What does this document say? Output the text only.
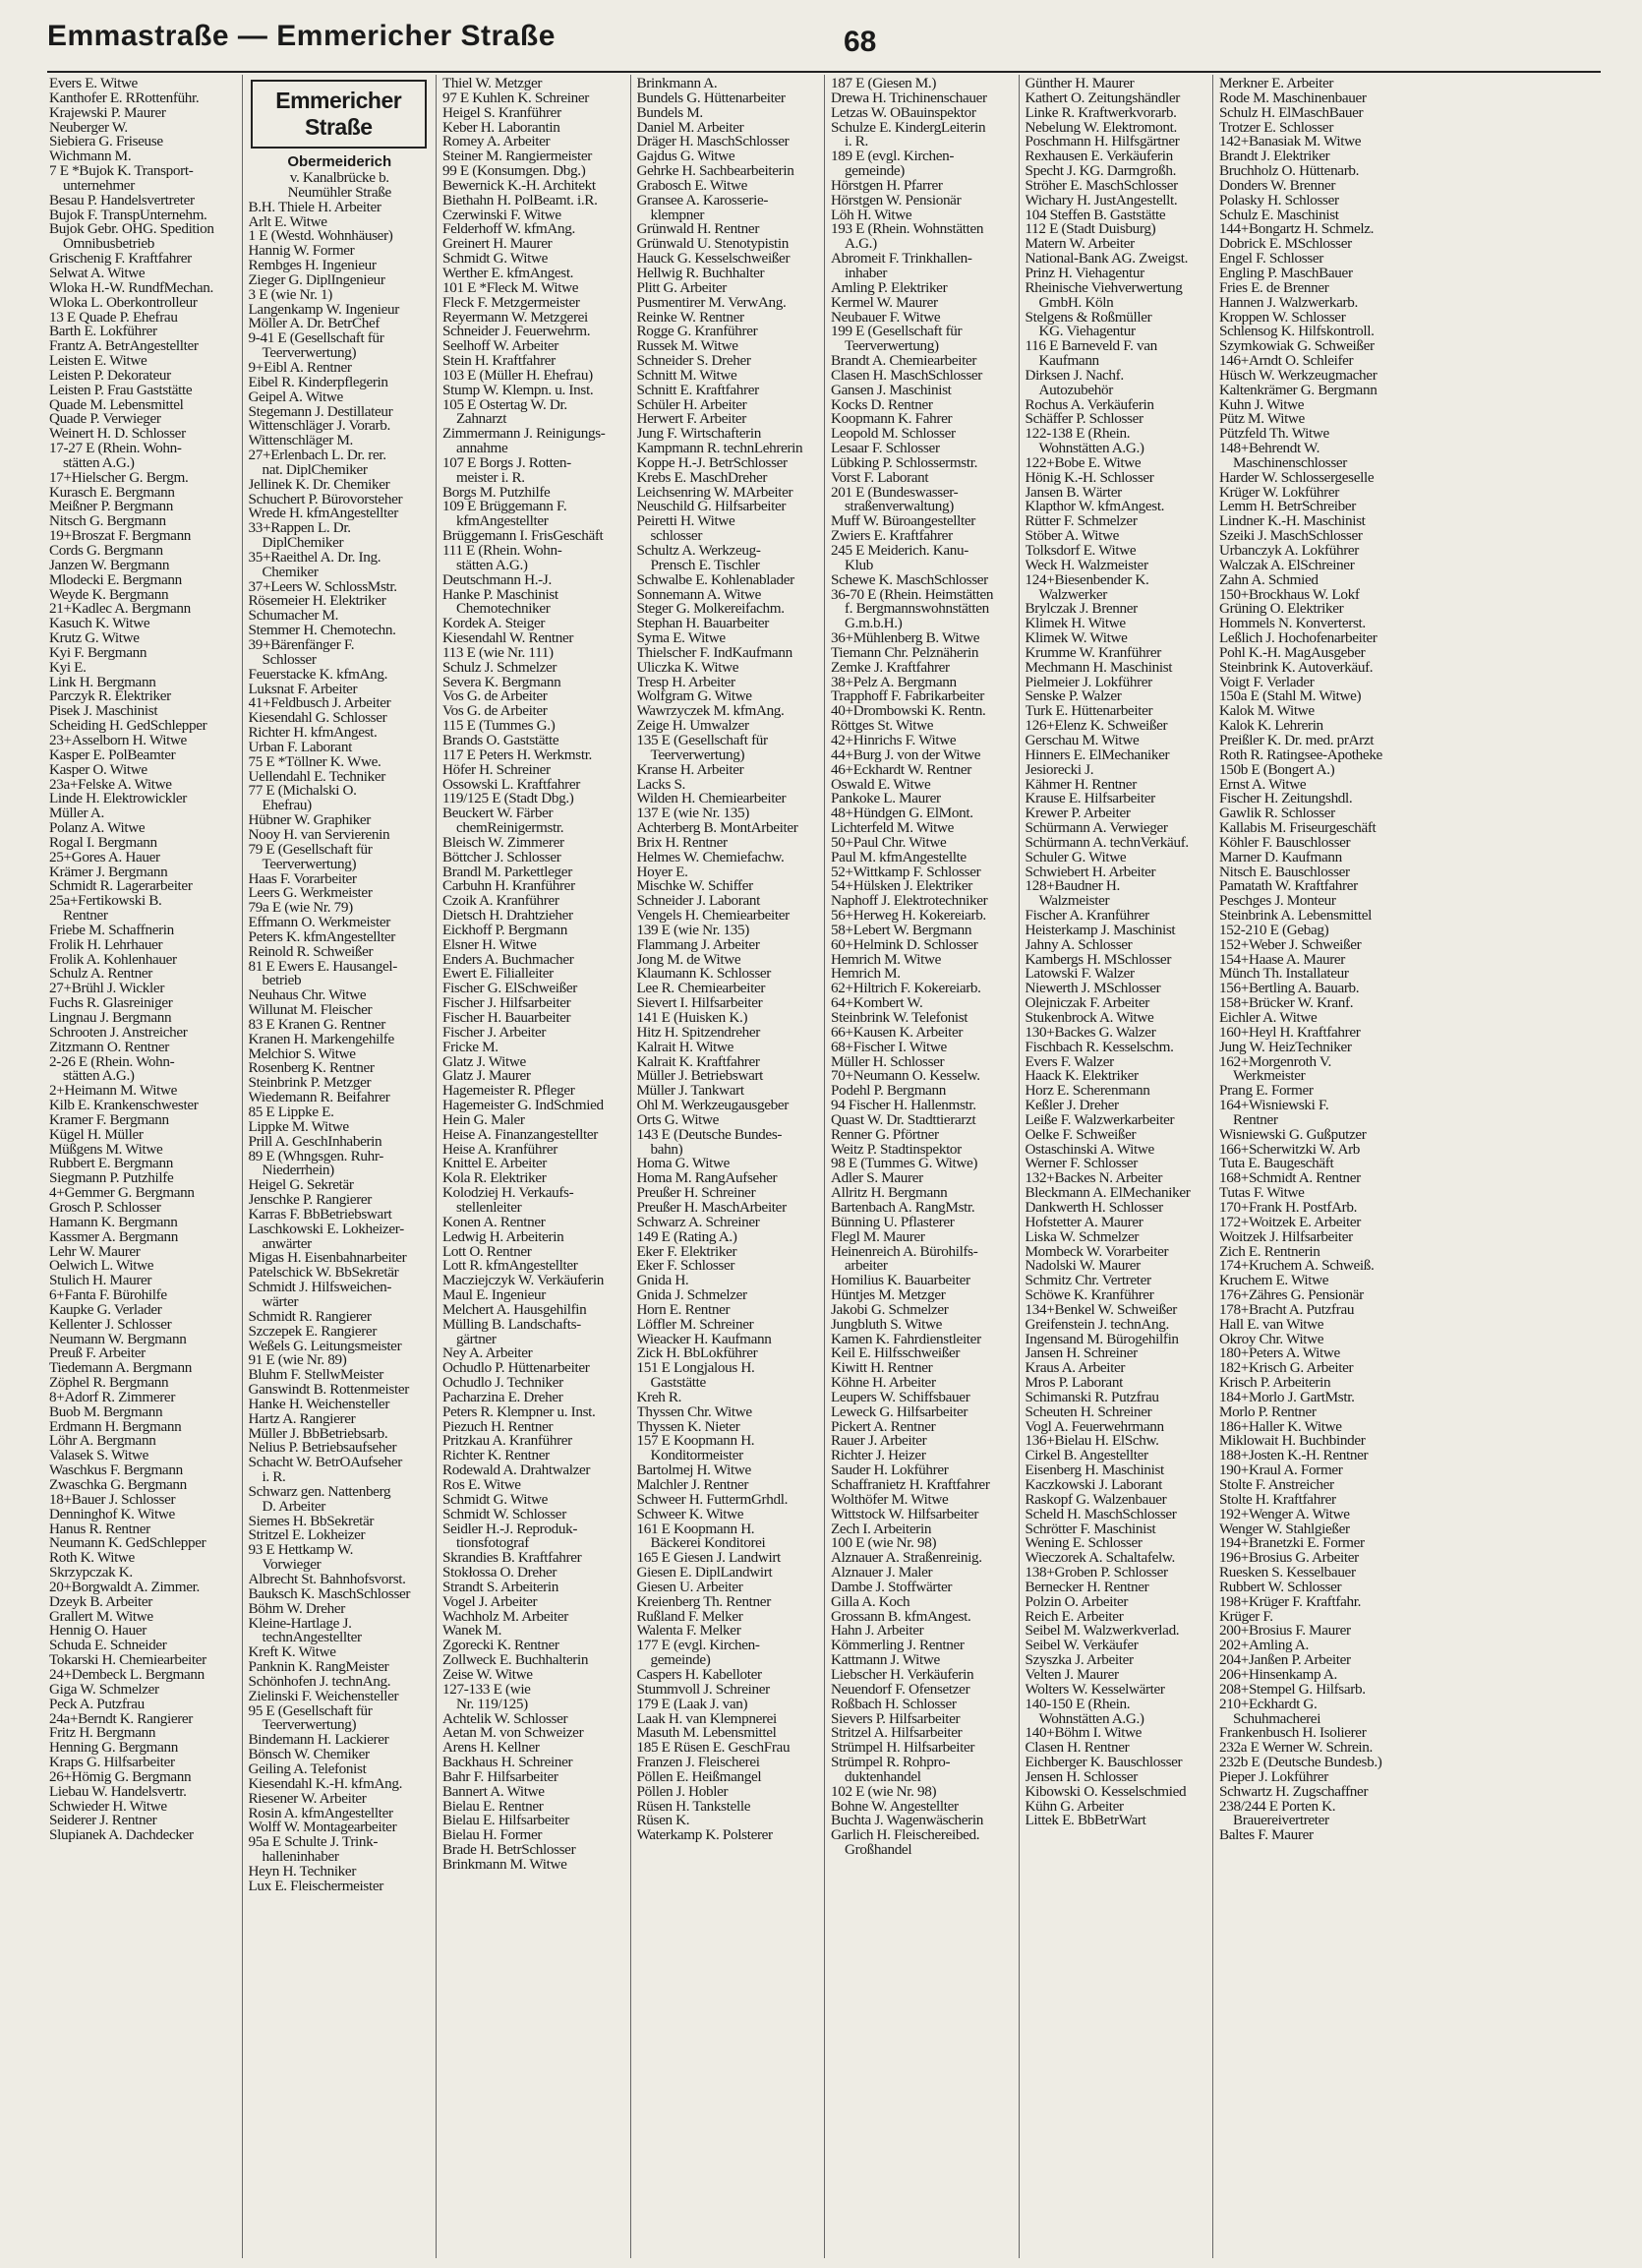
Emmastraße — Emmericher Straße	68
Evers E. Witwe
Kanthofer E. RRottenführ.
Krajewski P. Maurer
Neuberger W.
Siebiera G. Friseuse
Wichmann M.
7 E *Bujok K. Transport-
unternehmer
Besau P. Handelsvertreter
Bujok F. TranspUnternehm.
Bujok Gebr. OHG. Spedition
Omnibusbetrieb
Grischenig F. Kraftfahrer
Selwat A. Witwe
Wloka H.-W. RundfMechan.
Wloka L. Oberkontrolleur
13 E Quade P. Ehefrau
Barth E. Lokführer
Frantz A. BetrAngestellter
Leisten E. Witwe
Leisten P. Dekorateur
Leisten P. Frau Gaststätte
Quade M. Lebensmittel
Quade P. Verwieger
Weinert H. D. Schlosser
17-27 E (Rhein. Wohn-
stätten A.G.)
17+Hielscher G. Bergm.
Kurasch E. Bergmann
Meißner P. Bergmann
Nitsch G. Bergmann
19+Broszat F. Bergmann
Cords G. Bergmann
Janzen W. Bergmann
Mlodecki E. Bergmann
Weyde K. Bergmann
21+Kadlec A. Bergmann
Kasuch K. Witwe
Krutz G. Witwe
Kyi F. Bergmann
Kyi E.
Link H. Bergmann
Parczyk R. Elektriker
Pisek J. Maschinist
Scheiding H. GedSchlepper
23+Asselborn H. Witwe
Kasper E. PolBeamter
Kasper O. Witwe
23a+Felske A. Witwe
Linde H. Elektrowickler
Müller A.
Polanz A. Witwe
Rogal I. Bergmann
25+Gores A. Hauer
Krämer J. Bergmann
Schmidt R. Lagerarbeiter
25a+Fertikowski B.
Rentner
Friebe M. Schaffnerin
Frolik H. Lehrhauer
Frolik A. Kohlenhauer
Schulz A. Rentner
27+Brühl J. Wickler
Fuchs R. Glasreiniger
Lingnau J. Bergmann
Schrooten J. Anstreicher
Zitzmann O. Rentner
2-26 E (Rhein. Wohn-
stätten A.G.)
2+Heimann M. Witwe
Kilb E. Krankenschwester
Kramer F. Bergmann
Kügel H. Müller
Müßgens M. Witwe
Rubbert E. Bergmann
Siegmann P. Putzhilfe
4+Gemmer G. Bergmann
Grosch P. Schlosser
Hamann K. Bergmann
Kassmer A. Bergmann
Lehr W. Maurer
Oelwich L. Witwe
Stulich H. Maurer
6+Fanta F. Bürohilfe
Kaupke G. Verlader
Kellenter J. Schlosser
Neumann W. Bergmann
Preuß F. Arbeiter
Tiedemann A. Bergmann
Zöphel R. Bergmann
8+Adorf R. Zimmerer
Buob M. Bergmann
Erdmann H. Bergmann
Löhr A. Bergmann
Valasek S. Witwe
Waschkus F. Bergmann
Zwaschka G. Bergmann
18+Bauer J. Schlosser
Denninghof K. Witwe
Hanus R. Rentner
Neumann K. GedSchlepper
Roth K. Witwe
Skrzypczak K.
20+Borgwaldt A. Zimmer.
Dzeyk B. Arbeiter
Grallert M. Witwe
Hennig O. Hauer
Schuda E. Schneider
Tokarski H. Chemiearbeiter
24+Dembeck L. Bergmann
Giga W. Schmelzer
Peck A. Putzfrau
24a+Berndt K. Rangierer
Fritz H. Bergmann
Henning G. Bergmann
Kraps G. Hilfsarbeiter
26+Hömig G. Bergmann
Liebau W. Handelsvertr.
Schwieder H. Witwe
Seiderer J. Rentner
Slupianek A. Dachdecker
Emmericher Straße
Obermeiderich
v. Kanalbrücke b.
Neumühler Straße
B.H. Thiele H. Arbeiter
Arlt E. Witwe
1 E (Westd. Wohnhäuser)
Hannig W. Former
Rembges H. Ingenieur
Zieger G. DiplIngenieur
3 E (wie Nr. 1)
Langenkamp W. Ingenieur
Möller A. Dr. BetrChef
9-41 E (Gesellschaft für
Teerverwertung)
9+Eibl A. Rentner
Eibel R. Kinderpflegerin
Geipel A. Witwe
Stegemann J. Destillateur
Wittenschläger J. Vorarb.
Wittenschläger M.
27+Erlenbach L. Dr. rer.
nat. DiplChemiker
Jellinek K. Dr. Chemiker
Schuchert P. Bürovorsteher
Wrede H. kfmAngestellter
33+Rappen L. Dr.
DiplChemiker
35+Raeithel A. Dr. Ing.
Chemiker
37+Leers W. SchlossMstr.
Rösemeier H. Elektriker
Schumacher M.
Stemmer H. Chemotechn.
39+Bärenfänger F.
Schlosser
Feuerstacke K. kfmAng.
Luksnat F. Arbeiter
41+Feldbusch J. Arbeiter
Kiesendahl G. Schlosser
Richter H. kfmAngest.
Urban F. Laborant
75 E *Töllner K. Wwe.
Uellendahl E. Techniker
77 E (Michalski O.
Ehefrau)
Hübner W. Graphiker
Nooy H. van Servierenin
79 E (Gesellschaft für
Teerverwertung)
Haas F. Vorarbeiter
Leers G. Werkmeister
79a E (wie Nr. 79)
Effmann O. Werkmeister
Peters K. kfmAngestellter
Reinold R. Schweißer
81 E Ewers E. Hausangel-
betrieb
Neuhaus Chr. Witwe
Willunat M. Fleischer
83 E Kranen G. Rentner
Kranen H. Markengehilfe
Melchior S. Witwe
Rosenberg K. Rentner
Steinbrink P. Metzger
Wiedemann R. Beifahrer
85 E Lippke E.
Lippke M. Witwe
Prill A. GeschInhaberin
89 E (Whngsgen. Ruhr-
Niederrhein)
Heigel G. Sekretär
Jenschke P. Rangierer
Karras F. BbBetriebswart
Laschkowski E. Lokheizer-
anwärter
Migas H. Eisenbahnarbeiter
Patelschick W. BbSekretär
Schmidt J. Hilfsweichen-
wärter
Schmidt R. Rangierer
Szczepek E. Rangierer
Weßels G. Leitungsmeister
91 E (wie Nr. 89)
Bluhm F. StellwMeister
Ganswindt B. Rottenmeister
Hanke H. Weichensteller
Hartz A. Rangierer
Müller J. BbBetriebsarb.
Nelius P. Betriebsaufseher
Schacht W. BetrOAufseher
i. R.
Schwarz gen. Nattenberg
D. Arbeiter
Siemes H. BbSekretär
Stritzel E. Lokheizer
93 E Hettkamp W.
Vorwieger
Albrecht St. Bahnhofsvorst.
Bauksch K. MaschSchlosser
Böhm W. Dreher
Kleine-Hartlage J.
technAngestellter
Kreft K. Witwe
Panknin K. RangMeister
Schönhofen J. technAng.
Zielinski F. Weichensteller
95 E (Gesellschaft für
Teerverwertung)
Bindemann H. Lackierer
Bönsch W. Chemiker
Geiling A. Telefonist
Kiesendahl K.-H. kfmAng.
Riesener W. Arbeiter
Rosin A. kfmAngestellter
Wolff W. Montagearbeiter
95a E Schulte J. Trink-
halleninhaber
Heyn H. Techniker
Lux E. Fleischermeister
Thiel W. Metzger
97 E Kuhlen K. Schreiner
Heigel S. Kranführer
Keber H. Laborantin
Romey A. Arbeiter
Steiner M. Rangiermeister
99 E (Konsumgen. Dbg.)
Bewernick K.-H. Architekt
Biethahn H. PolBeamt. i.R.
Czerwinski F. Witwe
Felderhoff W. kfmAng.
Greinert H. Maurer
Schmidt G. Witwe
Werther E. kfmAngest.
101 E *Fleck M. Witwe
Fleck F. Metzgermeister
Reyermann W. Metzgerei
Schneider J. Feuerwehrm.
Seelhoff W. Arbeiter
Stein H. Kraftfahrer
103 E (Müller H. Ehefrau)
Stump W. Klempn. u. Inst.
105 E Ostertag W. Dr.
Zahnarzt
Zimmermann J. Reinigungs-
annahme
107 E Borgs J. Rotten-
meister i. R.
Borgs M. Putzhilfe
109 E Brüggemann F.
kfmAngestellter
Brüggemann I. FrisGeschäft
111 E (Rhein. Wohn-
stätten A.G.)
Deutschmann H.-J.
Hanke P. Maschinist
Chemotechniker
Kordek A. Steiger
Kiesendahl W. Rentner
113 E (wie Nr. 111)
Schulz J. Schmelzer
Severa K. Bergmann
Vos G. de Arbeiter
Vos G. de Arbeiter
115 E (Tummes G.)
Brands O. Gaststätte
117 E Peters H. Werkmstr.
Höfer H. Schreiner
Ossowski L. Kraftfahrer
119/125 E (Stadt Dbg.)
Beuckert W. Färber
chemReinigermstr.
Bleisch W. Zimmerer
Böttcher J. Schlosser
Brandl M. Parkettleger
Carbuhn H. Kranführer
Czoik A. Kranführer
Dietsch H. Drahtzieher
Eickhoff P. Bergmann
Elsner H. Witwe
Enders A. Buchmacher
Ewert E. Filialleiter
Fischer G. ElSchweißer
Fischer J. Hilfsarbeiter
Fischer H. Bauarbeiter
Fischer J. Arbeiter
Fricke M.
Glatz J. Witwe
Glatz J. Maurer
Hagemeister R. Pfleger
Hagemeister G. IndSchmied
Hein G. Maler
Heise A. Finanzangestellter
Heise A. Kranführer
Knittel E. Arbeiter
Kola R. Elektriker
Kolodziej H. Verkaufs-
stellenleiter
Konen A. Rentner
Ledwig H. Arbeiterin
Lott O. Rentner
Lott R. kfmAngestellter
Macziejczyk W. Verkäuferin
Maul E. Ingenieur
Melchert A. Hausgehilfin
Mülling B. Landschafts-
gärtner
Ney A. Arbeiter
Ochudlo P. Hüttenarbeiter
Ochudlo J. Techniker
Pacharzina E. Dreher
Peters R. Klempner u. Inst.
Piezuch H. Rentner
Pritzkau A. Kranführer
Richter K. Rentner
Rodewald A. Drahtwalzer
Ros E. Witwe
Schmidt G. Witwe
Schmidt W. Schlosser
Seidler H.-J. Reproduk-
tionsfotograf
Skrandies B. Kraftfahrer
Stokłossa O. Dreher
Strandt S. Arbeiterin
Vogel J. Arbeiter
Wachholz M. Arbeiter
Wanek M.
Zgorecki K. Rentner
Zollweck E. Buchhalterin
Zeise W. Witwe
127-133 E (wie
Nr. 119/125)
Achtelik W. Schlosser
Aetan M. von Schweizer
Arens H. Kellner
Backhaus H. Schreiner
Bahr F. Hilfsarbeiter
Bannert A. Witwe
Bielau E. Rentner
Bielau E. Hilfsarbeiter
Bielau H. Former
Brade H. BetrSchlosser
Brinkmann M. Witwe
Brinkmann A.
Bundels G. Hüttenarbeiter
Bundels M.
Daniel M. Arbeiter
Dräger H. MaschSchlosser
Gajdus G. Witwe
Gehrke H. Sachbearbeiterin
Grabosch E. Witwe
Gransee A. Karosserie-
klempner
Grünwald H. Rentner
Grünwald U. Stenotypistin
Hauck G. Kesselschweißer
Hellwig R. Buchhalter
Plitt G. Arbeiter
Pusmentirer M. VerwAng.
Reinke W. Rentner
Rogge G. Kranführer
Russek M. Witwe
Schneider S. Dreher
Schnitt M. Witwe
Schnitt E. Kraftfahrer
Schüler H. Arbeiter
Herwert F. Arbeiter
Jung F. Wirtschafterin
Kampmann R. technLehrerin
Koppe H.-J. BetrSchlosser
Krebs E. MaschDreher
Leichsenring W. MArbeiter
Neuschild G. Hilfsarbeiter
Peiretti H. Witwe
schlosser
Schultz A. Werkzeug-
Prensch E. Tischler
Schwalbe E. Kohlenablader
Sonnemann A. Witwe
Steger G. Molkereifachm.
Stephan H. Bauarbeiter
Syma E. Witwe
Thielscher F. IndKaufmann
Uliczka K. Witwe
Tresp H. Arbeiter
Wolfgram G. Witwe
Wawrzyczek M. kfmAng.
Zeige H. Umwalzer
135 E (Gesellschaft für
Teerverwertung)
Kranse H. Arbeiter
Lacks S.
Wilden H. Chemiearbeiter
137 E (wie Nr. 135)
Achterberg B. MontArbeiter
Brix H. Rentner
Helmes W. Chemiefachw.
Hoyer E.
Mischke W. Schiffer
Schneider J. Laborant
Vengels H. Chemiearbeiter
139 E (wie Nr. 135)
Flammang J. Arbeiter
Jong M. de Witwe
Klaumann K. Schlosser
Lee R. Chemiearbeiter
Sievert I. Hilfsarbeiter
141 E (Huisken K.)
Hitz H. Spitzendreher
Kalrait H. Witwe
Kalrait K. Kraftfahrer
Müller J. Betriebswart
Müller J. Tankwart
Ohl M. Werkzeugausgeber
Orts G. Witwe
143 E (Deutsche Bundes-
bahn)
Homa G. Witwe
Homa M. RangAufseher
Preußer H. Schreiner
Preußer H. MaschArbeiter
Schwarz A. Schreiner
149 E (Rating A.)
Eker F. Elektriker
Eker F. Schlosser
Gnida H.
Gnida J. Schmelzer
Horn E. Rentner
Löffler M. Schreiner
Wieacker H. Kaufmann
Zick H. BbLokführer
151 E Longjalous H.
Gaststätte
Kreh R.
Thyssen Chr. Witwe
Thyssen K. Nieter
157 E Koopmann H.
Konditormeister
Bartolmej H. Witwe
Malchler J. Rentner
Schweer H. FuttermGrhdl.
Schweer K. Witwe
161 E Koopmann H.
Bäckerei Konditorei
165 E Giesen J. Landwirt
Giesen E. DiplLandwirt
Giesen U. Arbeiter
Kreienberg Th. Rentner
Rußland F. Melker
Walenta F. Melker
177 E (evgl. Kirchen-
gemeinde)
Caspers H. Kabelloter
Stummvoll J. Schreiner
179 E (Laak J. van)
Laak H. van Klempnerei
Masuth M. Lebensmittel
185 E Rüsen E. GeschFrau
Franzen J. Fleischerei
Pöllen E. Heißmangel
Pöllen J. Hobler
Rüsen H. Tankstelle
Rüsen K.
Waterkamp K. Polsterer
187 E (Giesen M.)
Drewa H. Trichinenschauer
Letzas W. OBauinspektor
Schulze E. KindergLeiterin
i. R.
189 E (evgl. Kirchen-
gemeinde)
Hörstgen H. Pfarrer
Hörstgen W. Pensionär
Löh H. Witwe
193 E (Rhein. Wohnstätten
A.G.)
Abromeit F. Trinkhallen-
inhaber
Amling P. Elektriker
Kermel W. Maurer
Neubauer F. Witwe
199 E (Gesellschaft für
Teerverwertung)
Brandt A. Chemiearbeiter
Clasen H. MaschSchlosser
Gansen J. Maschinist
Kocks D. Rentner
Koopmann K. Fahrer
Leopold M. Schlosser
Lesaar F. Schlosser
Lübking P. Schlossermstr.
Vorst F. Laborant
201 E (Bundeswasser-
straßenverwaltung)
Muff W. Büroangestellter
Zwiers E. Kraftfahrer
245 E Meiderich. Kanu-
Klub
Schewe K. MaschSchlosser
36-70 E (Rhein. Heimstätten
f. Bergmannswohnstätten
G.m.b.H.)
36+Mühlenberg B. Witwe
Tiemann Chr. Pelznäherin
Zemke J. Kraftfahrer
38+Pelz A. Bergmann
Trapphoff F. Fabrikarbeiter
40+Drombowski K. Rentn.
Röttges St. Witwe
42+Hinrichs F. Witwe
44+Burg J. von der Witwe
46+Eckhardt W. Rentner
Oswald E. Witwe
Pankoke L. Maurer
48+Hündgen G. ElMont.
Lichterfeld M. Witwe
50+Paul Chr. Witwe
Paul M. kfmAngestellte
52+Wittkamp F. Schlosser
54+Hülsken J. Elektriker
Naphoff J. Elektrotechniker
56+Herweg H. Kokereiarb.
58+Lebert W. Bergmann
60+Helmink D. Schlosser
Hemrich M. Witwe
Hemrich M.
62+Hiltrich F. Kokereiarb.
64+Kombert W.
Steinbrink W. Telefonist
66+Kausen K. Arbeiter
68+Fischer I. Witwe
Müller H. Schlosser
70+Neumann O. Kesselw.
Podehl P. Bergmann
94 Fischer H. Hallenmstr.
Quast W. Dr. Stadttierarzt
Renner G. Pförtner
Weitz P. Stadtinspektor
98 E (Tummes G. Witwe)
Adler S. Maurer
Allritz H. Bergmann
Bartenbach A. RangMstr.
Bünning U. Pflasterer
Flegl M. Maurer
Heinenreich A. Bürohilfs-
arbeiter
Homilius K. Bauarbeiter
Hüntjes M. Metzger
Jakobi G. Schmelzer
Jungbluth S. Witwe
Kamen K. Fahrdienstleiter
Keil E. Hilfsschweißer
Kiwitt H. Rentner
Köhne H. Arbeiter
Leupers W. Schiffsbauer
Leweck G. Hilfsarbeiter
Pickert A. Rentner
Rauer J. Arbeiter
Richter J. Heizer
Sauder H. Lokführer
Schaffranietz H. Kraftfahrer
Wolthöfer M. Witwe
Wittstock W. Hilfsarbeiter
Zech I. Arbeiterin
100 E (wie Nr. 98)
Alznauer A. Straßenreinig.
Alznauer J. Maler
Dambe J. Stoffwärter
Gilla A. Koch
Grossann B. kfmAngest.
Hahn J. Arbeiter
Kömmerling J. Rentner
Kattmann J. Witwe
Liebscher H. Verkäuferin
Neuendorf F. Ofensetzer
Roßbach H. Schlosser
Sievers P. Hilfsarbeiter
Stritzel A. Hilfsarbeiter
Strümpel H. Hilfsarbeiter
Strümpel R. Rohpro-
duktenhandel
102 E (wie Nr. 98)
Bohne W. Angestellter
Buchta J. Wagenwäscherin
Garlich H. Fleischereibed.
Großhandel
Günther H. Maurer
Kathert O. Zeitungshändler
Linke R. Kraftwerkvorarb.
Nebelung W. Elektromont.
Poschmann H. Hilfsgärtner
Rexhausen E. Verkäuferin
Specht J. KG. Darmgroßh.
Ströher E. MaschSchlosser
Wichary H. JustAngestellt.
104 Steffen B. Gaststätte
112 E (Stadt Duisburg)
Matern W. Arbeiter
National-Bank AG. Zweigst.
Prinz H. Viehagentur
Rheinische Viehverwertung
GmbH. Köln
Stelgens & Roßmüller
KG. Viehagentur
116 E Barneveld F. van
Kaufmann
Dirksen J. Nachf.
Autozubehör
Rochus A. Verkäuferin
Schäffer P. Schlosser
122-138 E (Rhein.
Wohnstätten A.G.)
122+Bobe E. Witwe
Hönig K.-H. Schlosser
Jansen B. Wärter
Klapthor W. kfmAngest.
Rütter F. Schmelzer
Stöber A. Witwe
Tolksdorf E. Witwe
Weck H. Walzmeister
124+Biesenbender K.
Walzwerker
Brylczak J. Brenner
Klimek H. Witwe
Klimek W. Witwe
Krumme W. Kranführer
Mechmann H. Maschinist
Pielmeier J. Lokführer
Senske P. Walzer
Turk E. Hüttenarbeiter
126+Elenz K. Schweißer
Gerschau M. Witwe
Hinners E. ElMechaniker
Jesiorecki J.
Kähmer H. Rentner
Krause E. Hilfsarbeiter
Krewer P. Arbeiter
Schürmann A. Verwieger
Schürmann A. technVerkäuf.
Schuler G. Witwe
Schwiebert H. Arbeiter
128+Baudner H.
Walzmeister
Fischer A. Kranführer
Heisterkamp J. Maschinist
Jahny A. Schlosser
Kambergs H. MSchlosser
Latowski F. Walzer
Niewerth J. MSchlosser
Olejniczak F. Arbeiter
Stukenbrock A. Witwe
130+Backes G. Walzer
Fischbach R. Kesselschm.
Evers F. Walzer
Haack K. Elektriker
Horz E. Scherenmann
Keßler J. Dreher
Leiße F. Walzwerkarbeiter
Oelke F. Schweißer
Ostaschinski A. Witwe
Werner F. Schlosser
132+Backes N. Arbeiter
Bleckmann A. ElMechaniker
Dankwerth H. Schlosser
Hofstetter A. Maurer
Liska W. Schmelzer
Mombeck W. Vorarbeiter
Nadolski W. Maurer
Schmitz Chr. Vertreter
Schöwe K. Kranführer
134+Benkel W. Schweißer
Greifenstein J. technAng.
Ingensand M. Bürogehilfin
Jansen H. Schreiner
Kraus A. Arbeiter
Mros P. Laborant
Schimanski R. Putzfrau
Scheuten H. Schreiner
Vogl A. Feuerwehrmann
136+Bielau H. ElSchw.
Cirkel B. Angestellter
Eisenberg H. Maschinist
Kaczkowski J. Laborant
Raskopf G. Walzenbauer
Scheld H. MaschSchlosser
Schrötter F. Maschinist
Wening E. Schlosser
Wieczorek A. Schaltafelw.
138+Groben P. Schlosser
Bernecker H. Rentner
Polzin O. Arbeiter
Reich E. Arbeiter
Seibel M. Walzwerkverlad.
Seibel W. Verkäufer
Szyszka J. Arbeiter
Velten J. Maurer
Wolters W. Kesselwärter
140-150 E (Rhein.
Wohnstätten A.G.)
140+Böhm I. Witwe
Clasen H. Rentner
Eichberger K. Bauschlosser
Jensen H. Schlosser
Kibowski O. Kesselschmied
Kühn G. Arbeiter
Littek E. BbBetrWart
Merkner E. Arbeiter
Rode M. Maschinenbauer
Schulz H. ElMaschBauer
Trotzer E. Schlosser
142+Banasiak M. Witwe
Brandt J. Elektriker
Bruchholz O. Hüttenarb.
Donders W. Brenner
Polasky H. Schlosser
Schulz E. Maschinist
144+Bongartz H. Schmelz.
Dobrick E. MSchlosser
Engel F. Schlosser
Engling P. MaschBauer
Fries E. de Brenner
Hannen J. Walzwerkarb.
Kroppen W. Schlosser
Schlensog K. Hilfskontroll.
Szymkowiak G. Schweißer
146+Arndt O. Schleifer
Hüsch W. Werkzeugmacher
Kaltenkrämer G. Bergmann
Kuhn J. Witwe
Pütz M. Witwe
Pützfeld Th. Witwe
148+Behrendt W.
Maschinenschlosser
Harder W. Schlossergeselle
Krüger W. Lokführer
Lemm H. BetrSchreiber
Lindner K.-H. Maschinist
Szeiki J. MaschSchlosser
Urbanczyk A. Lokführer
Walczak A. ElSchreiner
Zahn A. Schmied
150+Brockhaus W. Lokf
Grüning O. Elektriker
Hommels N. Konverterst.
Leßlich J. Hochofenarbeiter
Pohl K.-H. MagAusgeber
Steinbrink K. Autoverkäuf.
Voigt F. Verlader
150a E (Stahl M. Witwe)
Kalok M. Witwe
Kalok K. Lehrerin
Preißler K. Dr. med. prArzt
Roth R. Ratingsee-Apotheke
150b E (Bongert A.)
Ernst A. Witwe
Fischer H. Zeitungshdl.
Gawlik R. Schlosser
Kallabis M. Friseurgeschäft
Köhler F. Bauschlosser
Marner D. Kaufmann
Nitsch E. Bauschlosser
Pamatath W. Kraftfahrer
Peschges J. Monteur
Steinbrink A. Lebensmittel
152-210 E (Gebag)
152+Weber J. Schweißer
154+Haase A. Maurer
Münch Th. Installateur
156+Bertling A. Bauarb.
158+Brücker W. Kranf.
Eichler A. Witwe
160+Heyl H. Kraftfahrer
Jung W. HeizTechniker
162+Morgenroth V.
Werkmeister
Prang E. Former
164+Wisniewski F.
Rentner
Wisniewski G. Gußputzer
166+Scherwitzki W. Arb
Tuta E. Baugeschäft
168+Schmidt A. Rentner
Tutas F. Witwe
170+Frank H. PostfArb.
172+Woitzek E. Arbeiter
Woitzek J. Hilfsarbeiter
Zich E. Rentnerin
174+Kruchem A. Schweiß.
Kruchem E. Witwe
176+Zähres G. Pensionär
178+Bracht A. Putzfrau
Hall E. van Witwe
Okroy Chr. Witwe
180+Peters A. Witwe
182+Krisch G. Arbeiter
Krisch P. Arbeiterin
184+Morlo J. GartMstr.
Morlo P. Rentner
186+Haller K. Witwe
Miklowait H. Buchbinder
188+Josten K.-H. Rentner
190+Kraul A. Former
Stolte F. Anstreicher
Stolte H. Kraftfahrer
192+Wenger A. Witwe
Wenger W. Stahlgießer
194+Branetzki E. Former
196+Brosius G. Arbeiter
Ruesken S. Kesselbauer
Rubbert W. Schlosser
198+Krüger F. Kraftfahr.
Krüger F.
200+Brosius F. Maurer
202+Amling A.
204+Janßen P. Arbeiter
206+Hinsenkamp A.
208+Stempel G. Hilfsarb.
210+Eckhardt G.
Schuhmacherei
Frankenbusch H. Isolierer
232a E Werner W. Schrein.
232b E (Deutsche Bundesb.)
Pieper J. Lokführer
Schwartz H. Zugschaffner
238/244 E Porten K.
Brauereivertreter
Baltes F. Maurer
